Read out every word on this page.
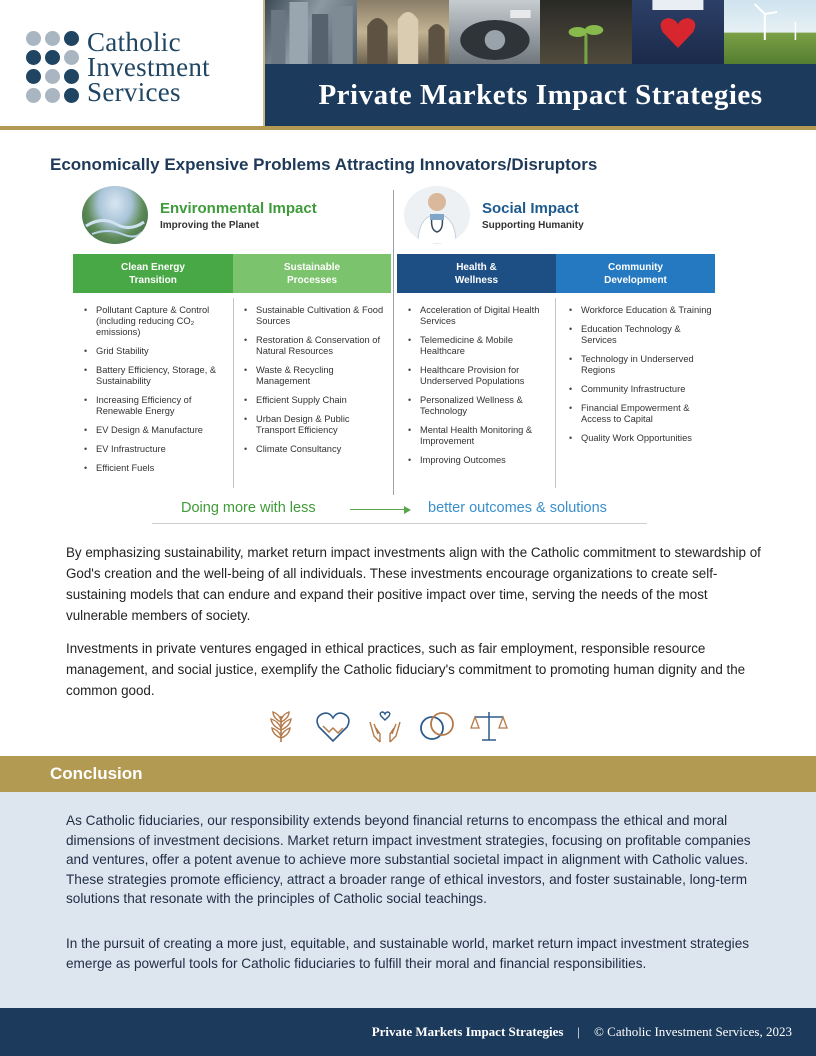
Catholic
Investment
Services	Private Markets Impact Strategies
Economically Expensive Problems Attracting Innovators/Disruptors
Environmental Impact
Improving the Planet
Social Impact
Supporting Humanity
Clean Energy
Transition
Sustainable
Processes
Health &
Wellness
Community
Development
• Pollutant Capture & Control (including reducing CO₂ emissions)
• Grid Stability
• Battery Efficiency, Storage, & Sustainability
• Increasing Efficiency of Renewable Energy
• EV Design & Manufacture
• EV Infrastructure
• Efficient Fuels
• Sustainable Cultivation & Food Sources
• Restoration & Conservation of Natural Resources
• Waste & Recycling Management
• Efficient Supply Chain
• Urban Design & Public Transport Efficiency
• Climate Consultancy
• Acceleration of Digital Health Services
• Telemedicine & Mobile Healthcare
• Healthcare Provision for Underserved Populations
• Personalized Wellness & Technology
• Mental Health Monitoring & Improvement
• Improving Outcomes
• Workforce Education & Training
• Education Technology & Services
• Technology in Underserved Regions
• Community Infrastructure
• Financial Empowerment & Access to Capital
• Quality Work Opportunities
Doing more with less	better outcomes & solutions

By emphasizing sustainability, market return impact investments align with the Catholic commitment to stewardship of God's creation and the well-being of all individuals. These investments encourage organizations to create self-sustaining models that can endure and expand their positive impact over time, serving the needs of the most vulnerable members of society.

Investments in private ventures engaged in ethical practices, such as fair employment, responsible resource management, and social justice, exemplify the Catholic fiduciary's commitment to promoting human dignity and the common good.

Conclusion

As Catholic fiduciaries, our responsibility extends beyond financial returns to encompass the ethical and moral dimensions of investment decisions. Market return impact investment strategies, focusing on profitable companies and ventures, offer a potent avenue to achieve more substantial societal impact in alignment with Catholic values. These strategies promote efficiency, attract a broader range of ethical investors, and foster sustainable, long-term solutions that resonate with the principles of Catholic social teachings.

In the pursuit of creating a more just, equitable, and sustainable world, market return impact investment strategies emerge as powerful tools for Catholic fiduciaries to fulfill their moral and financial responsibilities.

Private Markets Impact Strategies | © Catholic Investment Services, 2023
